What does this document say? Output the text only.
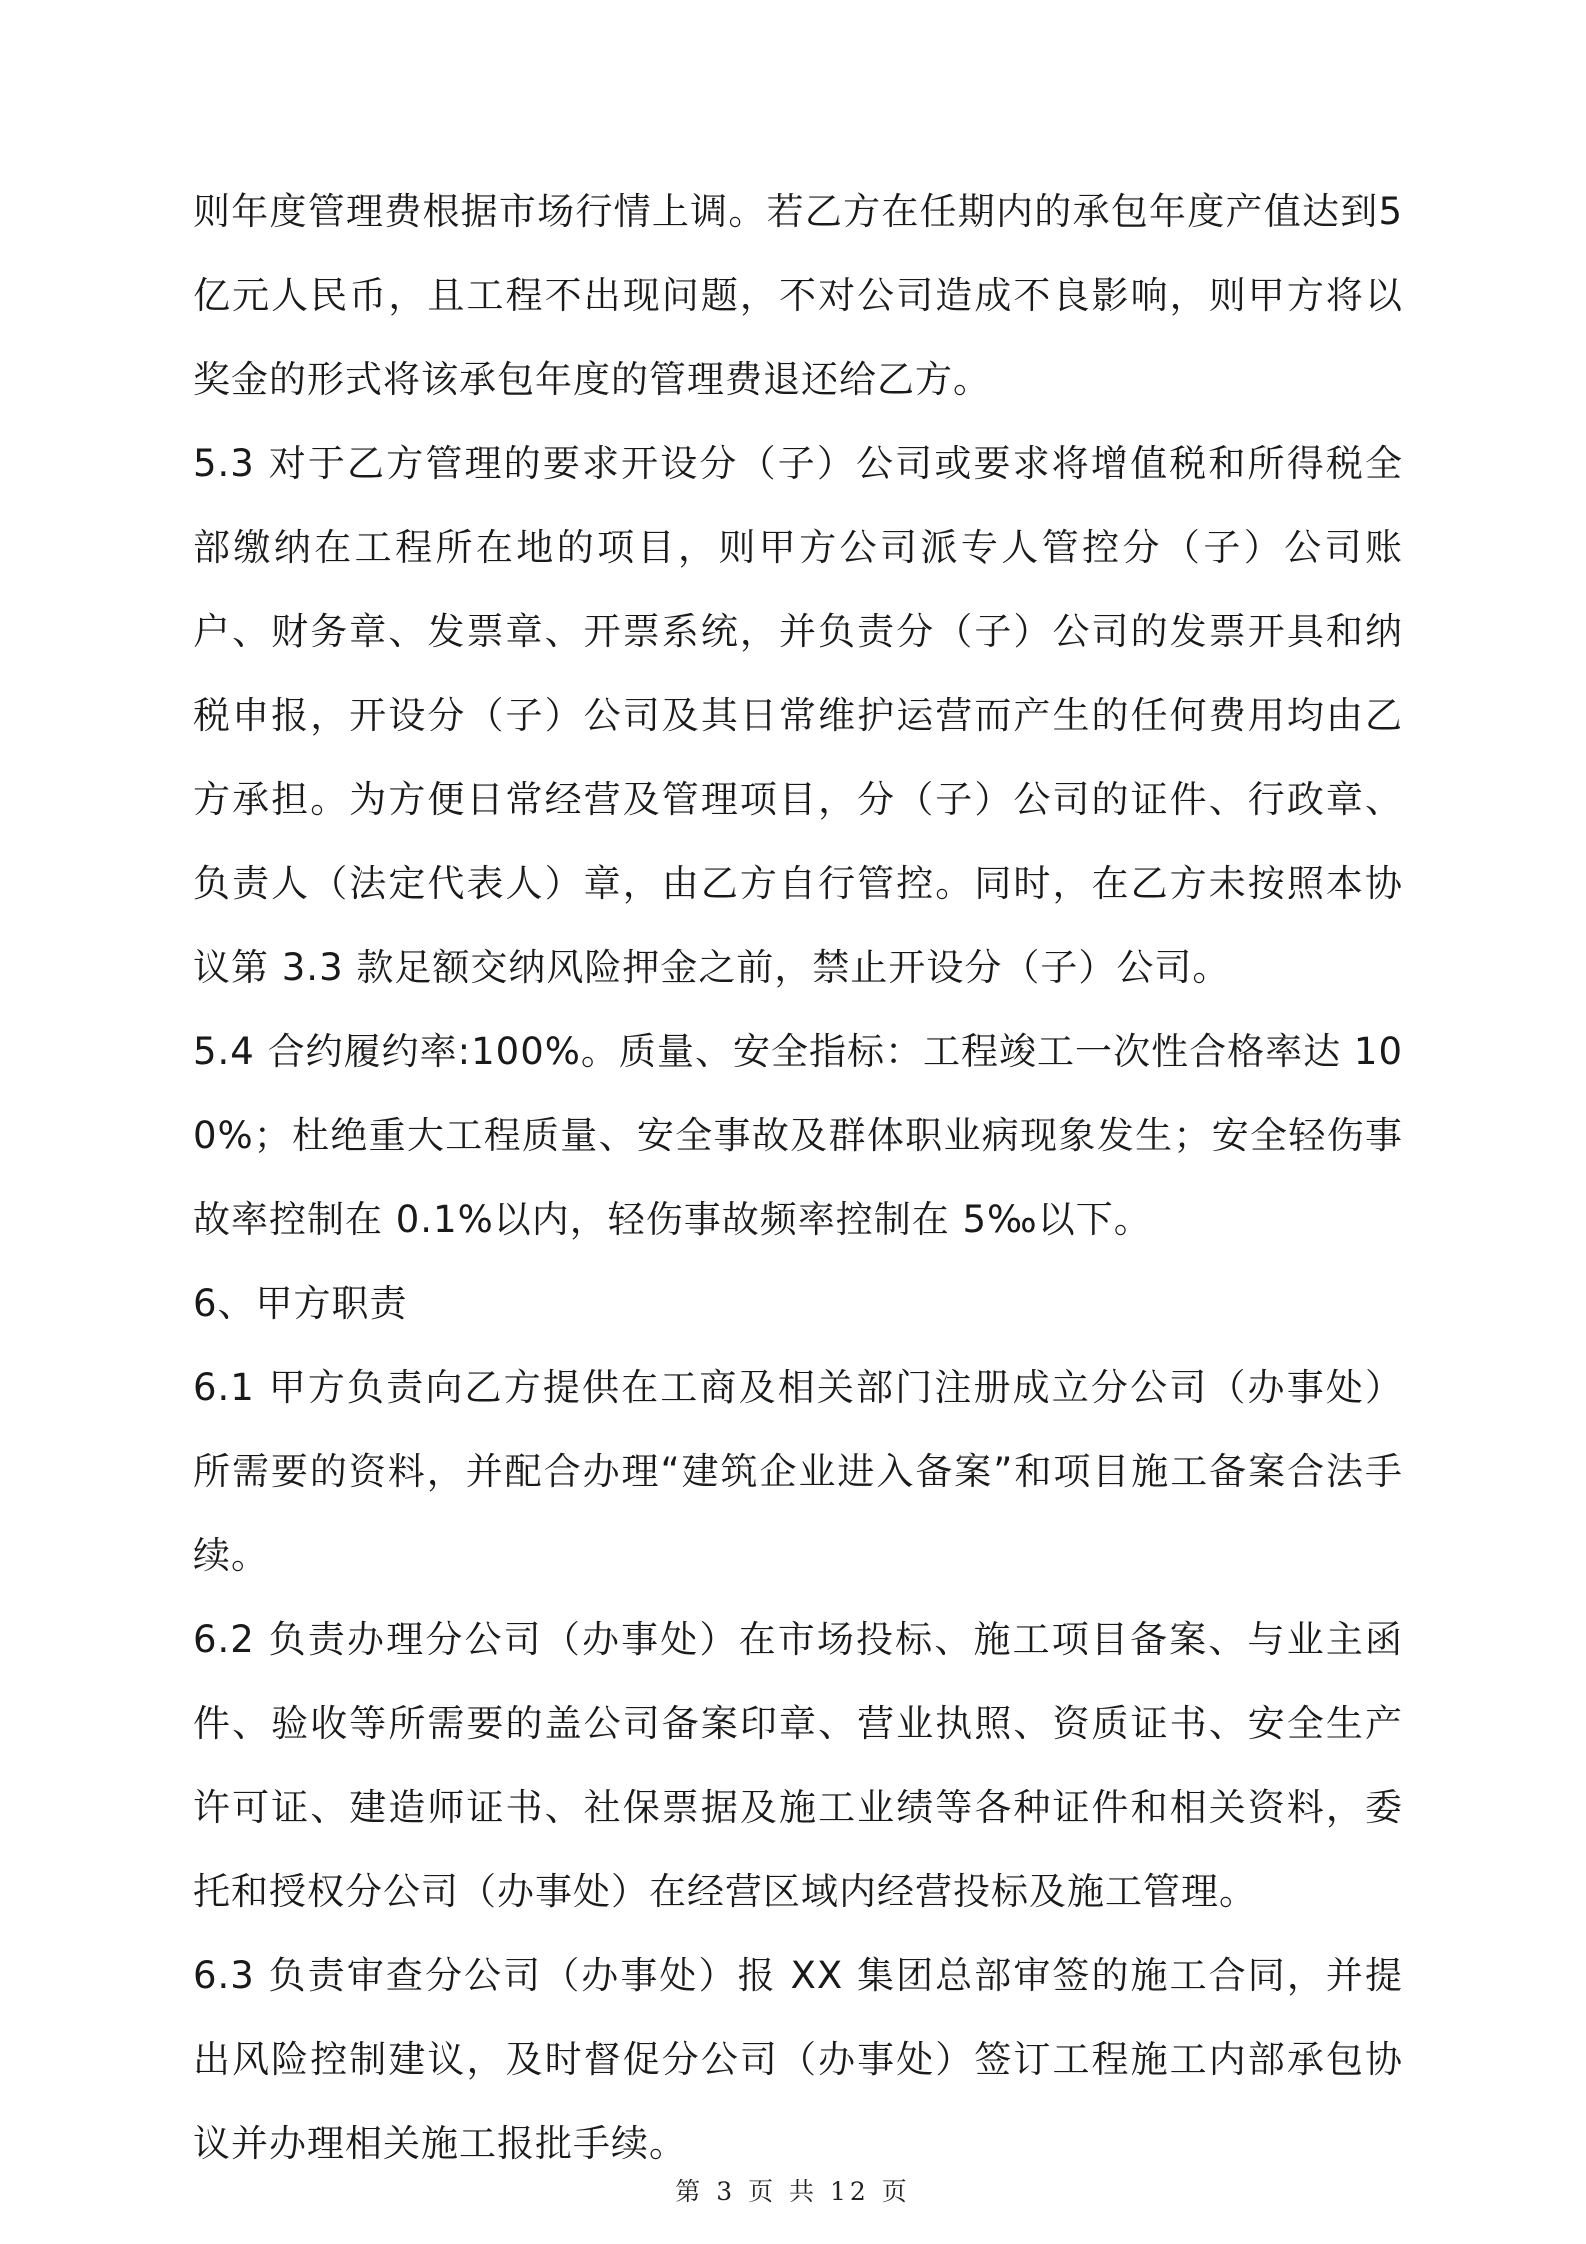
则年度管理费根据市场行情上调。若乙方在任期内的承包年度产值达到5亿元人民币，且工程不出现问题，不对公司造成不良影响，则甲方将以奖金的形式将该承包年度的管理费退还给乙方。

5.3 对于乙方管理的要求开设分（子）公司或要求将增值税和所得税全部缴纳在工程所在地的项目，则甲方公司派专人管控分（子）公司账户、财务章、发票章、开票系统，并负责分（子）公司的发票开具和纳税申报，开设分（子）公司及其日常维护运营而产生的任何费用均由乙方承担。为方便日常经营及管理项目，分（子）公司的证件、行政章、负责人（法定代表人）章，由乙方自行管控。同时，在乙方未按照本协议第 3.3 款足额交纳风险押金之前，禁止开设分（子）公司。

5.4 合约履约率:100%。质量、安全指标：工程竣工一次性合格率达 100%；杜绝重大工程质量、安全事故及群体职业病现象发生；安全轻伤事故率控制在 0.1%以内，轻伤事故频率控制在 5‰以下。

6、甲方职责

6.1 甲方负责向乙方提供在工商及相关部门注册成立分公司（办事处）所需要的资料，并配合办理“建筑企业进入备案”和项目施工备案合法手续。

6.2 负责办理分公司（办事处）在市场投标、施工项目备案、与业主函件、验收等所需要的盖公司备案印章、营业执照、资质证书、安全生产许可证、建造师证书、社保票据及施工业绩等各种证件和相关资料，委托和授权分公司（办事处）在经营区域内经营投标及施工管理。

6.3 负责审查分公司（办事处）报 XX 集团总部审签的施工合同，并提出风险控制建议，及时督促分公司（办事处）签订工程施工内部承包协议并办理相关施工报批手续。

第 3 页 共 12 页
